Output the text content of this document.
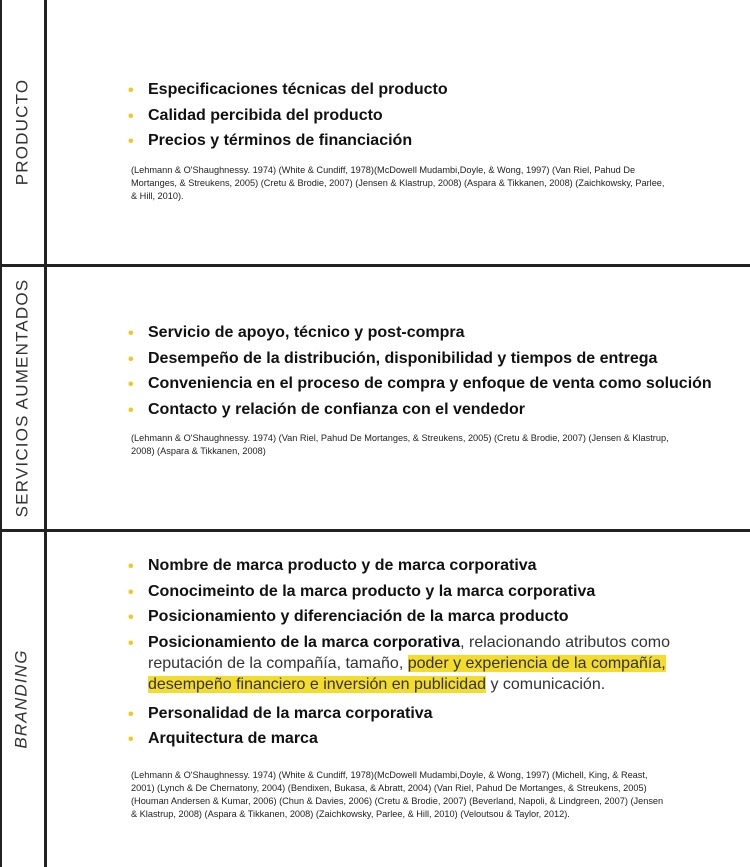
PRODUCTO	• Especificaciones técnicas del producto
• Calidad percibida del producto
• Precios y términos de financiación
(Lehmann & O'Shaughnessy. 1974) (White & Cundiff, 1978)(McDowell Mudambi,Doyle, & Wong, 1997) (Van Riel, Pahud De Mortanges, & Streukens, 2005) (Cretu & Brodie, 2007) (Jensen & Klastrup, 2008) (Aspara & Tikkanen, 2008) (Zaichkowsky, Parlee, & Hill, 2010).
SERVICIOS AUMENTADOS	• Servicio de apoyo, técnico y post-compra
• Desempeño de la distribución, disponibilidad y tiempos de entrega
• Conveniencia en el proceso de compra y enfoque de venta como solución
• Contacto y relación de confianza con el vendedor
(Lehmann & O'Shaughnessy. 1974) (Van Riel, Pahud De Mortanges, & Streukens, 2005) (Cretu & Brodie, 2007) (Jensen & Klastrup, 2008) (Aspara & Tikkanen, 2008)
BRANDING
• Nombre de marca producto y de marca corporativa
• Conocimeinto de la marca producto y la marca corporativa
• Posicionamiento y diferenciación de la marca producto
• Posicionamiento de la marca corporativa, relacionando atributos como reputación de la compañía, tamaño, poder y experiencia de la compañía, desempeño financiero e inversión en publicidad y comunicación.
• Personalidad de la marca corporativa
• Arquitectura de marca
(Lehmann & O'Shaughnessy. 1974) (White & Cundiff, 1978)(McDowell Mudambi,Doyle, & Wong, 1997) (Michell, King, & Reast, 2001) (Lynch & De Chernatony, 2004) (Bendixen, Bukasa, & Abratt, 2004) (Van Riel, Pahud De Mortanges, & Streukens, 2005) (Houman Andersen & Kumar, 2006) (Chun & Davies, 2006) (Cretu & Brodie, 2007) (Beverland, Napoli, & Lindgreen, 2007) (Jensen & Klastrup, 2008) (Aspara & Tikkanen, 2008) (Zaichkowsky, Parlee, & Hill, 2010) (Veloutsou & Taylor, 2012).
